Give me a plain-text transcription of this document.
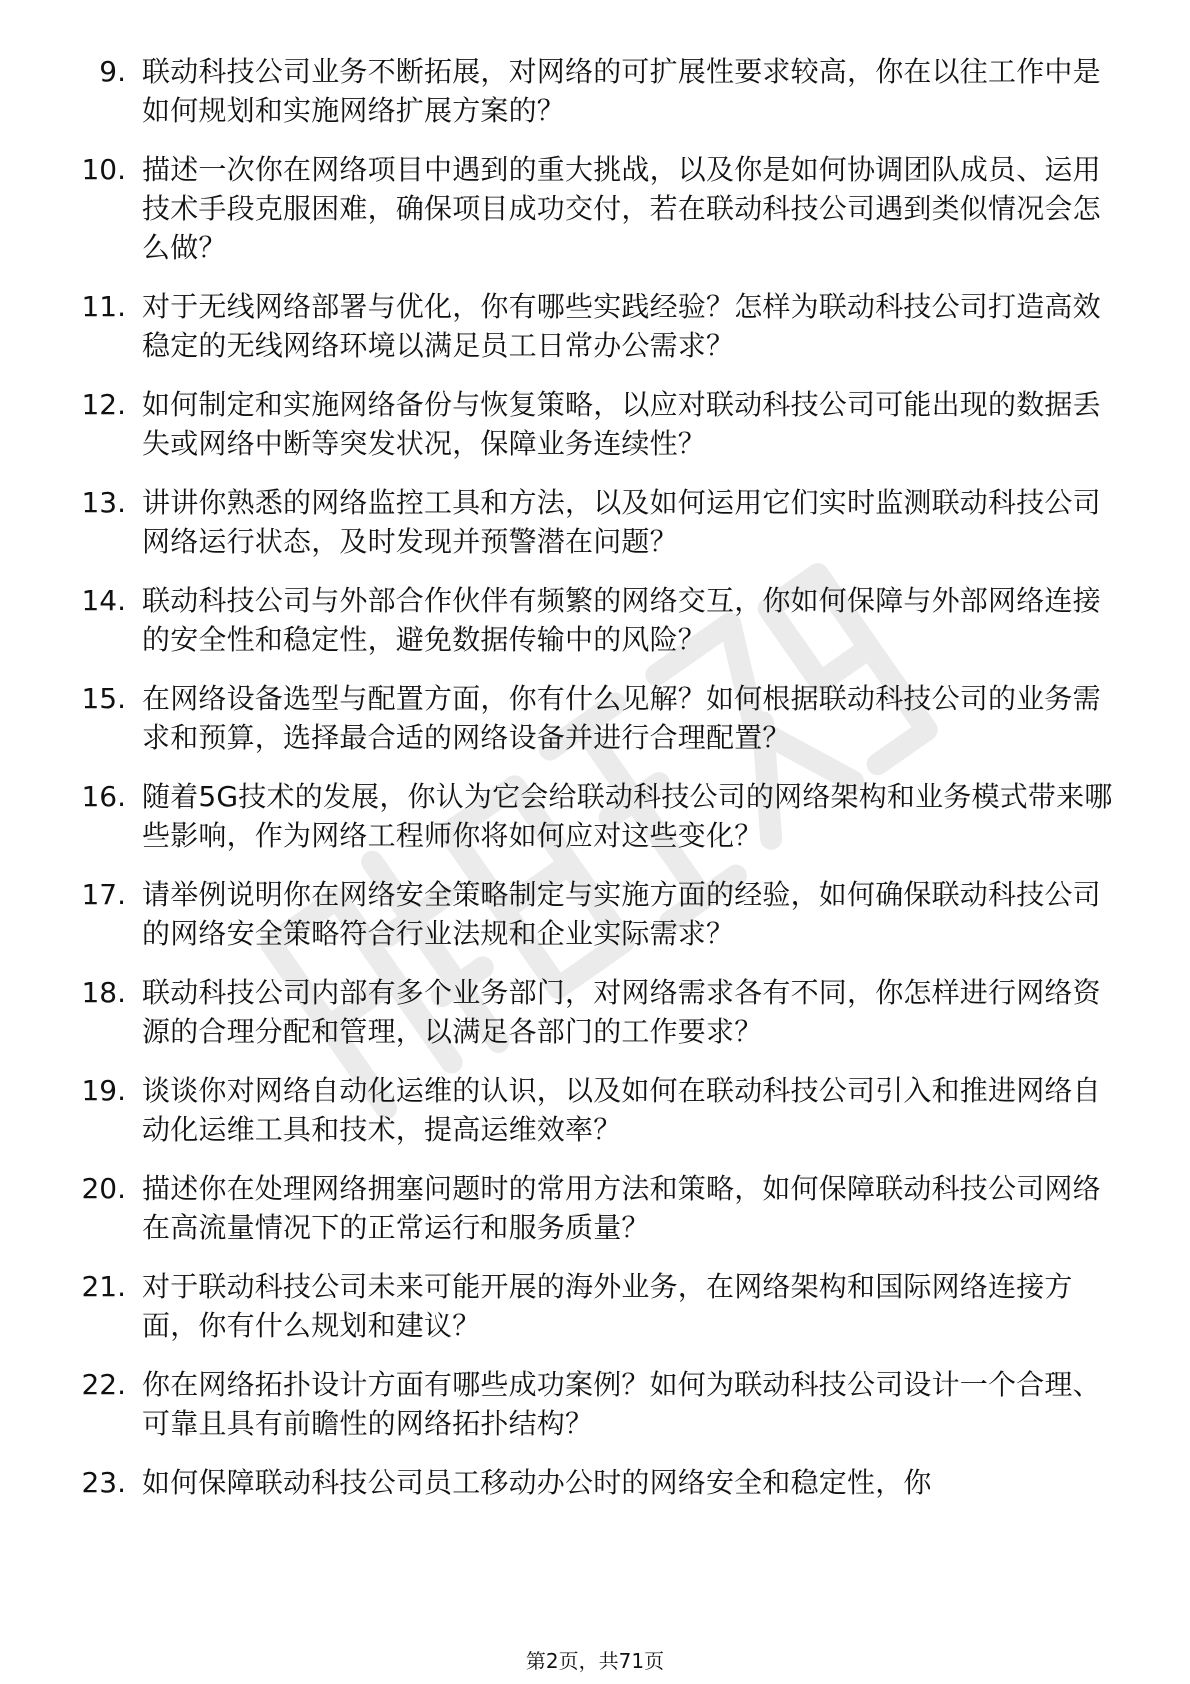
9. 联动科技公司业务不断拓展，对网络的可扩展性要求较高，你在以往工作中是如何规划和实施网络扩展方案的？
10. 描述一次你在网络项目中遇到的重大挑战，以及你是如何协调团队成员、运用技术手段克服困难，确保项目成功交付，若在联动科技公司遇到类似情况会怎么做？
11. 对于无线网络部署与优化，你有哪些实践经验？怎样为联动科技公司打造高效稳定的无线网络环境以满足员工日常办公需求？
12. 如何制定和实施网络备份与恢复策略，以应对联动科技公司可能出现的数据丢失或网络中断等突发状况，保障业务连续性？
13. 讲讲你熟悉的网络监控工具和方法，以及如何运用它们实时监测联动科技公司网络运行状态，及时发现并预警潜在问题？
14. 联动科技公司与外部合作伙伴有频繁的网络交互，你如何保障与外部网络连接的安全性和稳定性，避免数据传输中的风险？
15. 在网络设备选型与配置方面，你有什么见解？如何根据联动科技公司的业务需求和预算，选择最合适的网络设备并进行合理配置？
16. 随着5G技术的发展，你认为它会给联动科技公司的网络架构和业务模式带来哪些影响，作为网络工程师你将如何应对这些变化？
17. 请举例说明你在网络安全策略制定与实施方面的经验，如何确保联动科技公司的网络安全策略符合行业法规和企业实际需求？
18. 联动科技公司内部有多个业务部门，对网络需求各有不同，你怎样进行网络资源的合理分配和管理，以满足各部门的工作要求？
19. 谈谈你对网络自动化运维的认识，以及如何在联动科技公司引入和推进网络自动化运维工具和技术，提高运维效率？
20. 描述你在处理网络拥塞问题时的常用方法和策略，如何保障联动科技公司网络在高流量情况下的正常运行和服务质量？
21. 对于联动科技公司未来可能开展的海外业务，在网络架构和国际网络连接方面，你有什么规划和建议？
22. 你在网络拓扑设计方面有哪些成功案例？如何为联动科技公司设计一个合理、可靠且具有前瞻性的网络拓扑结构？
23. 如何保障联动科技公司员工移动办公时的网络安全和稳定性，你
第2页，共71页
